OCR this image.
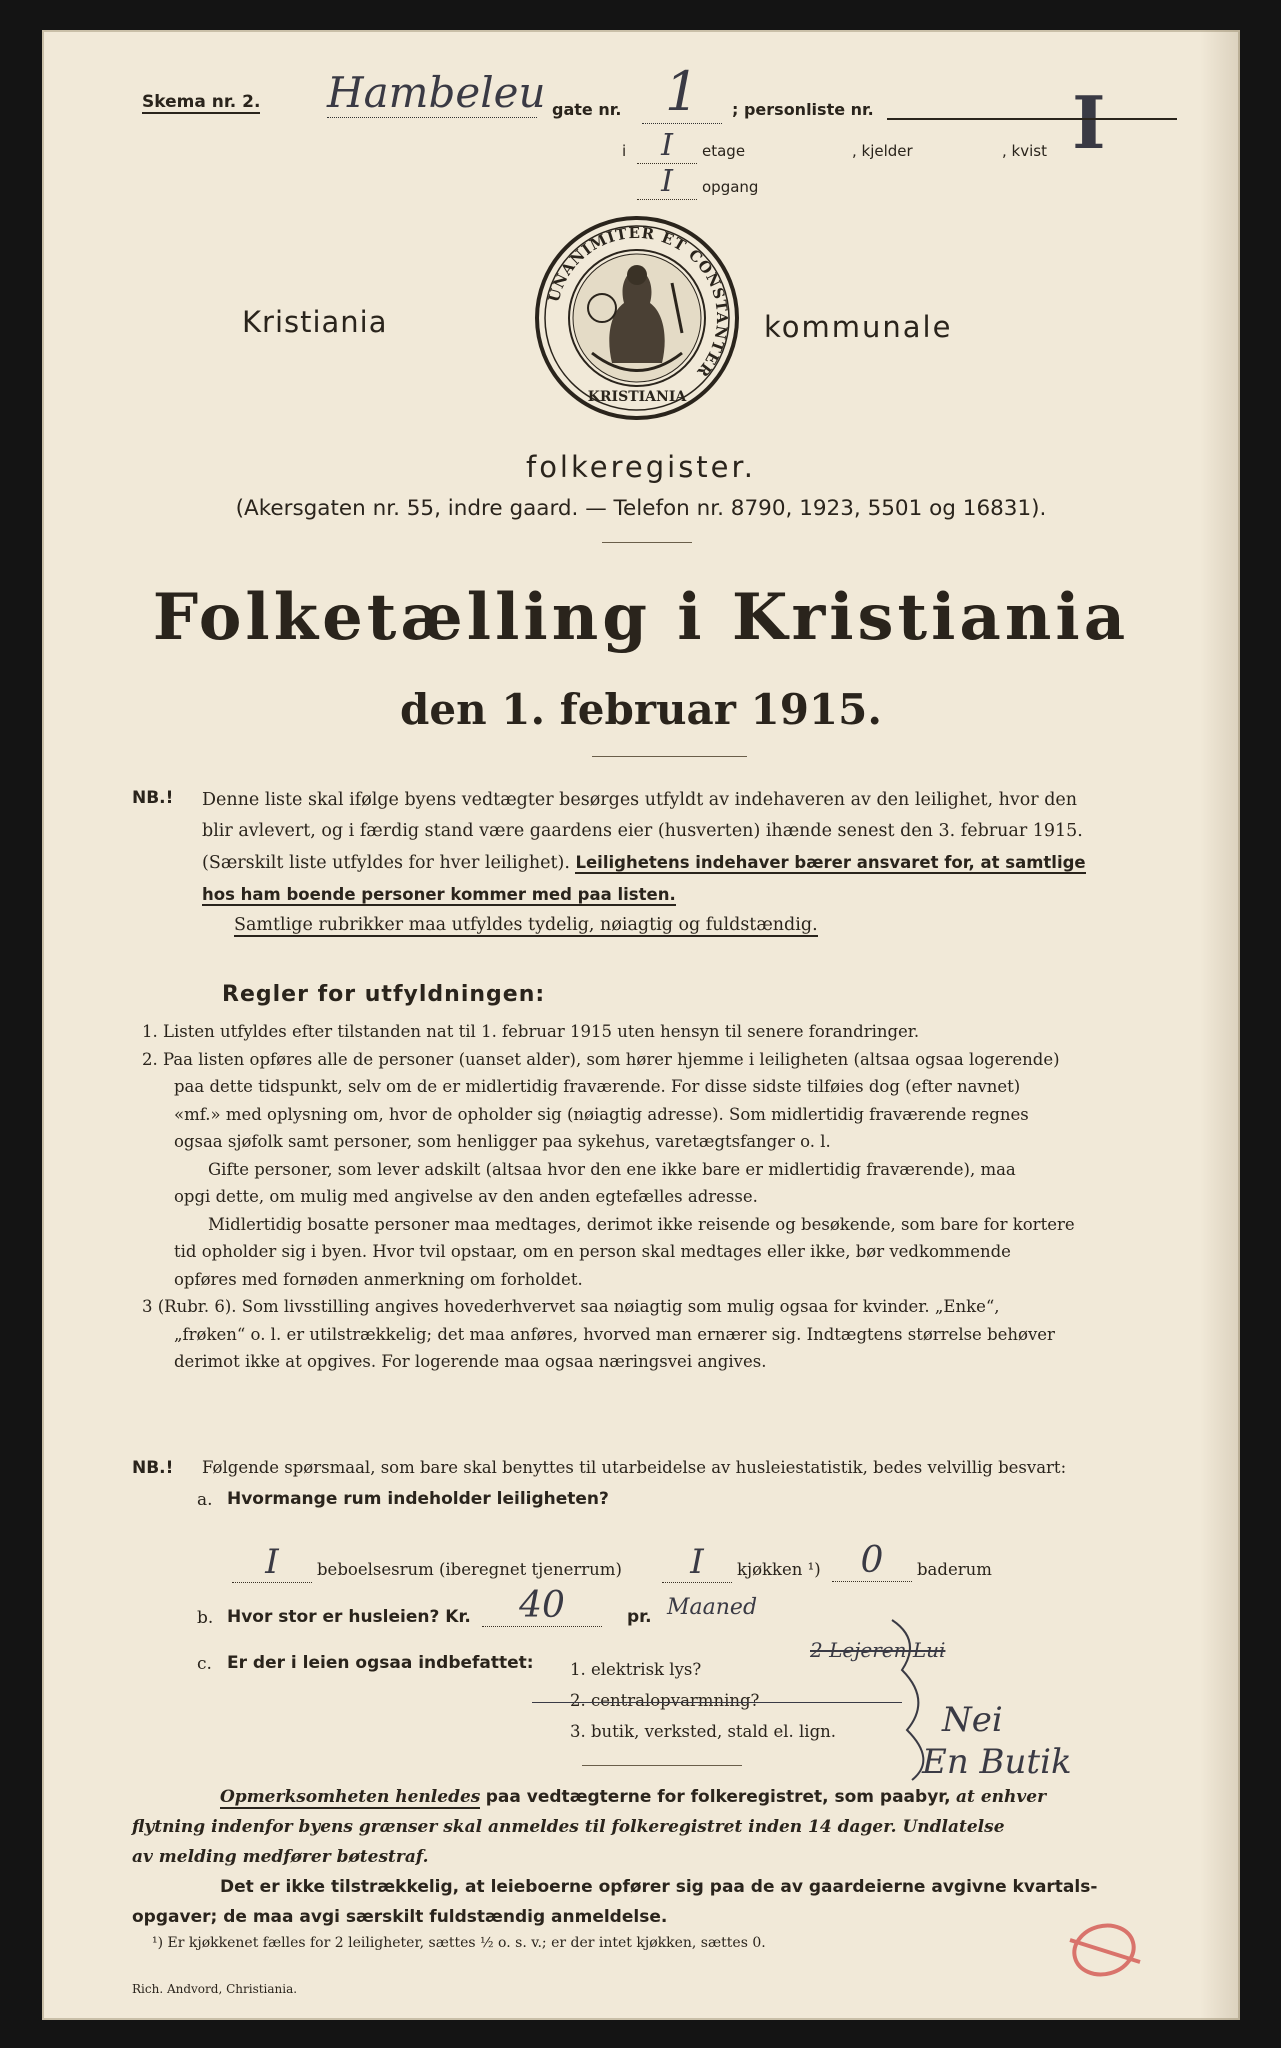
Skema nr. 2. Hambeleu gate nr. 1	; personliste nr.	I
i	I	etage	, kjelder	, kvist
I	opgang
UNANIMITER ET CONSTANTER
KRISTIANIA
Kristiania	kommunale
folkeregister.
(Akersgaten nr. 55, indre gaard. — Telefon nr. 8790, 1923, 5501 og 16831).
Folketælling i Kristiania
den 1. februar 1915.
NB.! Denne liste skal ifølge byens vedtægter besørges utfyldt av indehaveren av den leilighet, hvor den
blir avlevert, og i færdig stand være gaardens eier (husverten) ihænde senest den 3. februar 1915.
(Særskilt liste utfyldes for hver leilighet). Leilighetens indehaver bærer ansvaret for, at samtlige
hos ham boende personer kommer med paa listen.
Samtlige rubrikker maa utfyldes tydelig, nøiagtig og fuldstændig.
Regler for utfyldningen:
1. Listen utfyldes efter tilstanden nat til 1. februar 1915 uten hensyn til senere forandringer.
2. Paa listen opføres alle de personer (uanset alder), som hører hjemme i leiligheten (altsaa ogsaa logerende)
paa dette tidspunkt, selv om de er midlertidig fraværende. For disse sidste tilføies dog (efter navnet)
«mf.» med oplysning om, hvor de opholder sig (nøiagtig adresse). Som midlertidig fraværende regnes
ogsaa sjøfolk samt personer, som henligger paa sykehus, varetægtsfanger o. l.
Gifte personer, som lever adskilt (altsaa hvor den ene ikke bare er midlertidig fraværende), maa
opgi dette, om mulig med angivelse av den anden egtefælles adresse.
Midlertidig bosatte personer maa medtages, derimot ikke reisende og besøkende, som bare for kortere
tid opholder sig i byen. Hvor tvil opstaar, om en person skal medtages eller ikke, bør vedkommende
opføres med fornøden anmerkning om forholdet.
3 (Rubr. 6). Som livsstilling angives hovederhvervet saa nøiagtig som mulig ogsaa for kvinder. „Enke“,
„frøken“ o. l. er utilstrækkelig; det maa anføres, hvorved man ernærer sig. Indtægtens størrelse behøver
derimot ikke at opgives. For logerende maa ogsaa næringsvei angives.
NB.! Følgende spørsmaal, som bare skal benyttes til utarbeidelse av husleiestatistik, bedes velvillig besvart:
a. Hvormange rum indeholder leiligheten?
I	beboelsesrum (iberegnet tjenerrum)	I	kjøkken ¹)	0	baderum
b. Hvor stor er husleien? Kr.	40	pr. Maaned
c. Er der i leien ogsaa indbefattet: 1. elektrisk lys?
2. centralopvarmning?
3. butik, verksted, stald el. lign.
2 Lejeren Lui
Nei
En Butik
Opmerksomheten henledes paa vedtægterne for folkeregistret, som paabyr, at enhver
flytning indenfor byens grænser skal anmeldes til folkeregistret inden 14 dager. Undlatelse
av melding medfører bøtestraf.
Det er ikke tilstrækkelig, at leieboerne opfører sig paa de av gaardeierne avgivne kvartals-
opgaver; de maa avgi særskilt fuldstændig anmeldelse.
¹) Er kjøkkenet fælles for 2 leiligheter, sættes ½ o. s. v.; er der intet kjøkken, sættes 0.
Rich. Andvord, Christiania.
